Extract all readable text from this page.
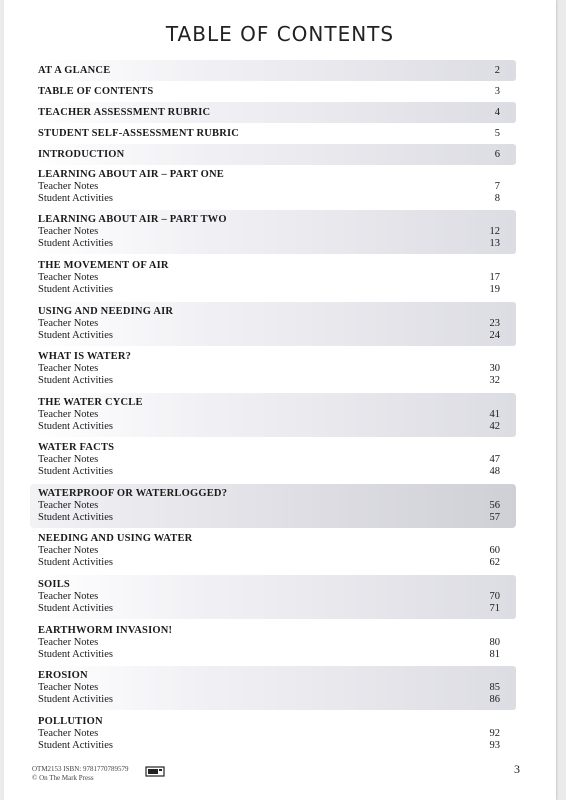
TABLE OF CONTENTS
AT A GLANCE	2
TABLE OF CONTENTS	3
TEACHER ASSESSMENT RUBRIC	4
STUDENT SELF-ASSESSMENT RUBRIC	5
INTRODUCTION	6
LEARNING ABOUT AIR – PART ONE
Teacher Notes	7
Student Activities	8
LEARNING ABOUT AIR – PART TWO
Teacher Notes	12
Student Activities	13
THE MOVEMENT OF AIR
Teacher Notes	17
Student Activities	19
USING AND NEEDING AIR
Teacher Notes	23
Student Activities	24
WHAT IS WATER?
Teacher Notes	30
Student Activities	32
THE WATER CYCLE
Teacher Notes	41
Student Activities	42
WATER FACTS
Teacher Notes	47
Student Activities	48
WATERPROOF OR WATERLOGGED?
Teacher Notes	56
Student Activities	57
NEEDING AND USING WATER
Teacher Notes	60
Student Activities	62
SOILS
Teacher Notes	70
Student Activities	71
EARTHWORM INVASION!
Teacher Notes	80
Student Activities	81
EROSION
Teacher Notes	85
Student Activities	86
POLLUTION
Teacher Notes	92
Student Activities	93
OTM2153 ISBN: 9781770789579
© On The Mark Press
3
